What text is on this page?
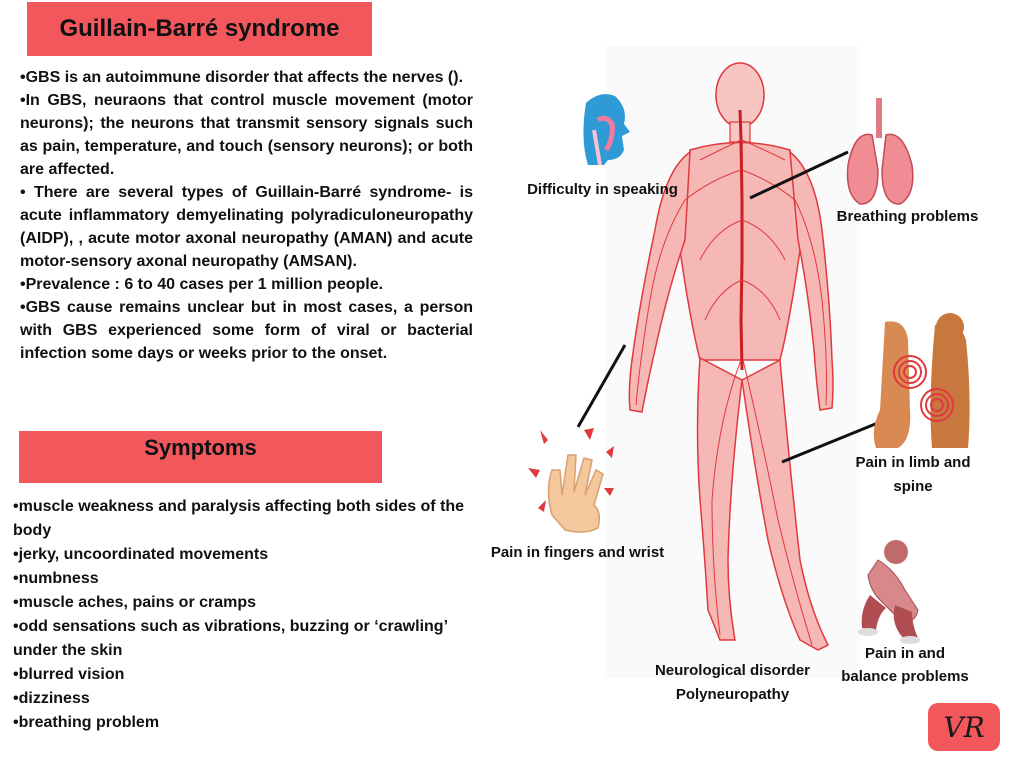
Guillain-Barré syndrome

•GBS is an autoimmune disorder that affects the nerves ().

•In GBS, neuraons that control muscle movement (motor neurons); the neurons that transmit sensory signals such as pain, temperature, and touch (sensory neurons); or both are affected.

• There are several types of Guillain-Barré syndrome- is acute inflammatory demyelinating polyradiculoneuropathy (AIDP), , acute motor axonal neuropathy (AMAN) and acute motor-sensory axonal neuropathy (AMSAN).

•Prevalence : 6 to 40 cases per 1 million people.

•GBS cause remains unclear but in most cases, a person with GBS experienced some form of viral or bacterial infection some days or weeks prior to the onset.

Symptoms

•muscle weakness and paralysis affecting both sides of the body

•jerky, uncoordinated movements

•numbness

•muscle aches, pains or cramps

•odd sensations such as vibrations, buzzing or ‘crawling’ under the skin

•blurred vision

•dizziness

•breathing problem

Difficulty in speaking
Breathing problems
Pain in limb and
spine
Pain in fingers and wrist
Pain in and
balance problems
Neurological disorder
Polyneuropathy
VR
